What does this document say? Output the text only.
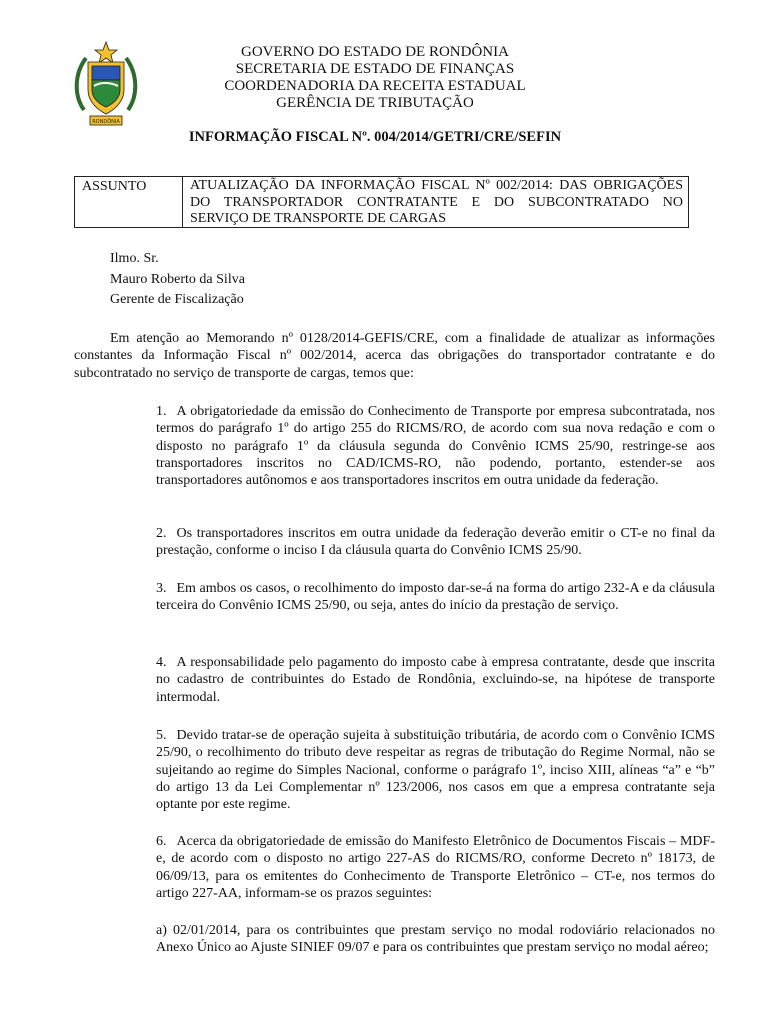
RONDÔNIA

GOVERNO DO ESTADO DE RONDÔNIA

SECRETARIA DE ESTADO DE FINANÇAS

COORDENADORIA DA RECEITA ESTADUAL

GERÊNCIA DE TRIBUTAÇÃO

INFORMAÇÃO FISCAL Nº. 004/2014/GETRI/CRE/SEFIN

ASSUNTO	ATUALIZAÇÃO DA INFORMAÇÃO FISCAL Nº 002/2014: DAS OBRIGAÇÕES DO TRANSPORTADOR CONTRATANTE E DO SUBCONTRATADO NO SERVIÇO DE TRANSPORTE DE CARGAS

Ilmo. Sr.

Mauro Roberto da Silva

Gerente de Fiscalização

Em atenção ao Memorando nº 0128/2014-GEFIS/CRE, com a finalidade de atualizar as informações constantes da Informação Fiscal nº 002/2014, acerca das obrigações do transportador contratante e do subcontratado no serviço de transporte de cargas, temos que:

1. A obrigatoriedade da emissão do Conhecimento de Transporte por empresa subcontratada, nos termos do parágrafo 1º do artigo 255 do RICMS/RO, de acordo com sua nova redação e com o disposto no parágrafo 1º da cláusula segunda do Convênio ICMS 25/90, restringe-se aos transportadores inscritos no CAD/ICMS-RO, não podendo, portanto, estender-se aos transportadores autônomos e aos transportadores inscritos em outra unidade da federação.

2. Os transportadores inscritos em outra unidade da federação deverão emitir o CT-e no final da prestação, conforme o inciso I da cláusula quarta do Convênio ICMS 25/90.

3. Em ambos os casos, o recolhimento do imposto dar-se-á na forma do artigo 232-A e da cláusula terceira do Convênio ICMS 25/90, ou seja, antes do início da prestação de serviço.

4. A responsabilidade pelo pagamento do imposto cabe à empresa contratante, desde que inscrita no cadastro de contribuintes do Estado de Rondônia, excluindo-se, na hipótese de transporte intermodal.

5. Devido tratar-se de operação sujeita à substituição tributária, de acordo com o Convênio ICMS 25/90, o recolhimento do tributo deve respeitar as regras de tributação do Regime Normal, não se sujeitando ao regime do Simples Nacional, conforme o parágrafo 1º, inciso XIII, alíneas “a” e “b” do artigo 13 da Lei Complementar nº 123/2006, nos casos em que a empresa contratante seja optante por este regime.

6. Acerca da obrigatoriedade de emissão do Manifesto Eletrônico de Documentos Fiscais – MDF-e, de acordo com o disposto no artigo 227-AS do RICMS/RO, conforme Decreto nº 18173, de 06/09/13, para os emitentes do Conhecimento de Transporte Eletrônico – CT-e, nos termos do artigo 227-AA, informam-se os prazos seguintes:

a) 02/01/2014, para os contribuintes que prestam serviço no modal rodoviário relacionados no Anexo Único ao Ajuste SINIEF 09/07 e para os contribuintes que prestam serviço no modal aéreo;
